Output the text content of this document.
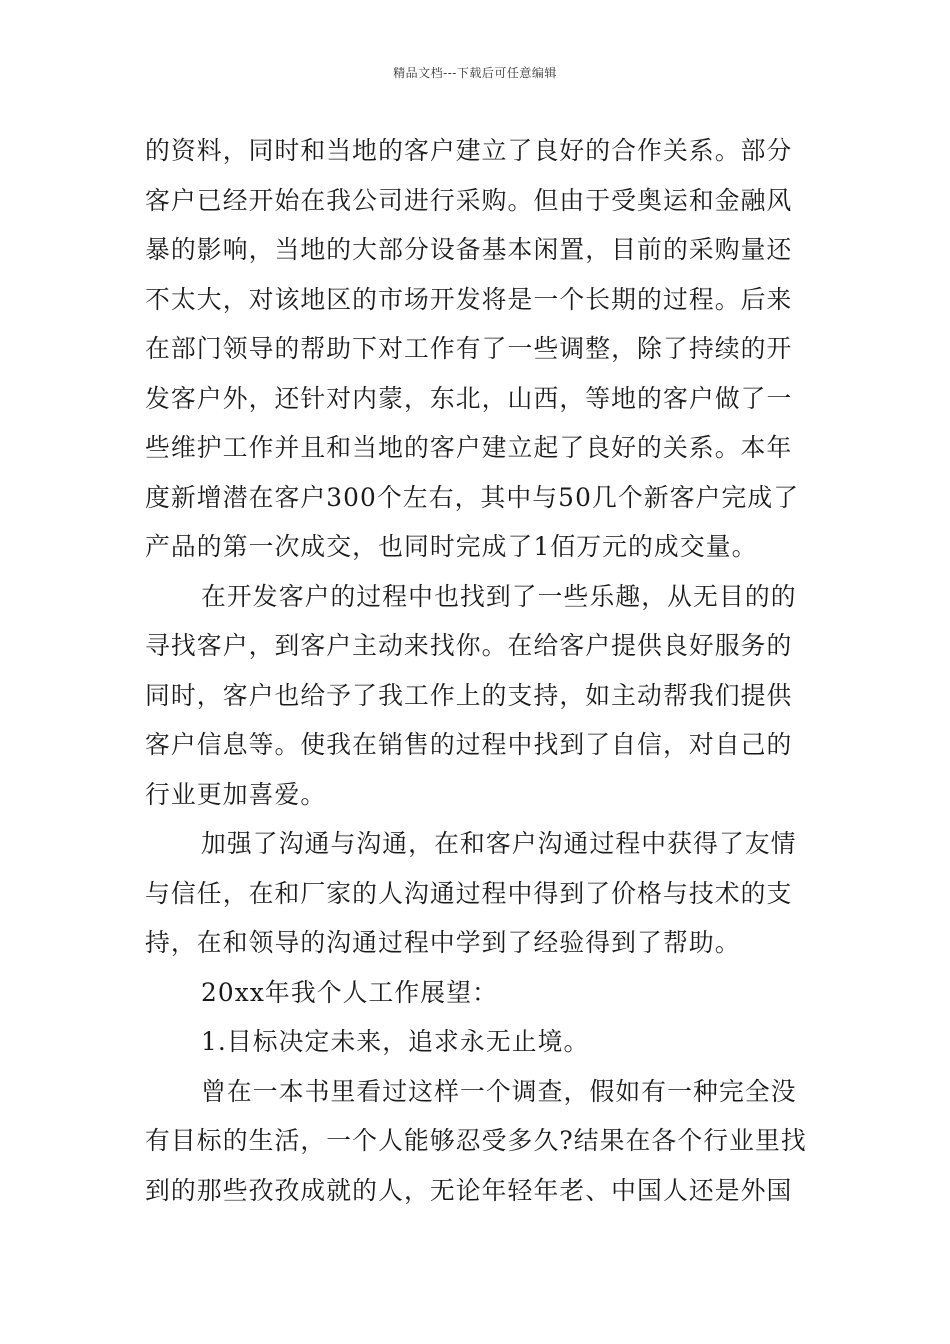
精品文档---下载后可任意编辑
的资料，同时和当地的客户建立了良好的合作关系。部分
客户已经开始在我公司进行采购。但由于受奥运和金融风
暴的影响，当地的大部分设备基本闲置，目前的采购量还
不太大，对该地区的市场开发将是一个长期的过程。后来
在部门领导的帮助下对工作有了一些调整，除了持续的开
发客户外，还针对内蒙，东北，山西，等地的客户做了一
些维护工作并且和当地的客户建立起了良好的关系。本年
度新增潜在客户300个左右，其中与50几个新客户完成了
产品的第一次成交，也同时完成了1佰万元的成交量。
在开发客户的过程中也找到了一些乐趣，从无目的的
寻找客户，到客户主动来找你。在给客户提供良好服务的
同时，客户也给予了我工作上的支持，如主动帮我们提供
客户信息等。使我在销售的过程中找到了自信，对自己的
行业更加喜爱。
加强了沟通与沟通，在和客户沟通过程中获得了友情
与信任，在和厂家的人沟通过程中得到了价格与技术的支
持，在和领导的沟通过程中学到了经验得到了帮助。
20xx年我个人工作展望：
1.目标决定未来，追求永无止境。
曾在一本书里看过这样一个调查，假如有一种完全没
有目标的生活，一个人能够忍受多久?结果在各个行业里找
到的那些孜孜成就的人，无论年轻年老、中国人还是外国
